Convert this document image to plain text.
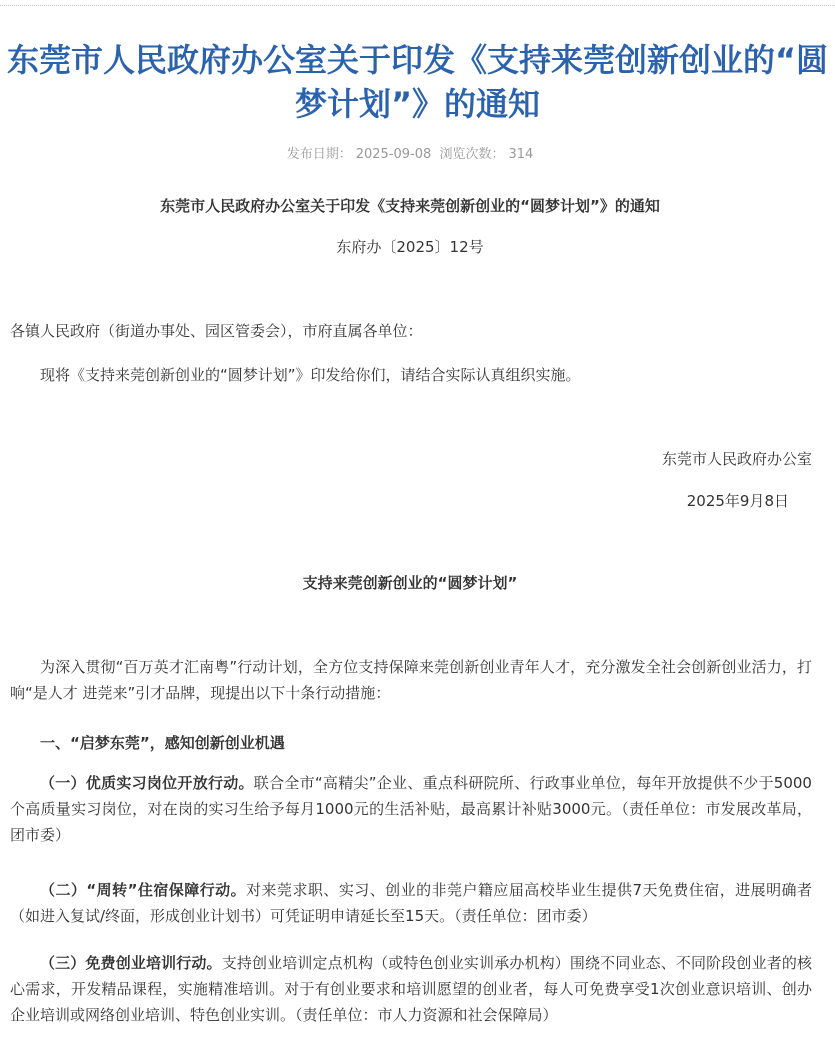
东莞市人民政府办公室关于印发《支持来莞创新创业的“圆梦计划”》的通知
发布日期： 2025-09-08 浏览次数： 314
东莞市人民政府办公室关于印发《支持来莞创新创业的“圆梦计划”》的通知
东府办〔2025〕12号

各镇人民政府（街道办事处、园区管委会），市府直属各单位：

现将《支持来莞创新创业的“圆梦计划”》印发给你们，请结合实际认真组织实施。

东莞市人民政府办公室

2025年9月8日

支持来莞创新创业的“圆梦计划”

为深入贯彻“百万英才汇南粤”行动计划，全方位支持保障来莞创新创业青年人才，充分激发全社会创新创业活力，打响“是人才 进莞来”引才品牌，现提出以下十条行动措施：

一、“启梦东莞”，感知创新创业机遇

（一）优质实习岗位开放行动。联合全市“高精尖”企业、重点科研院所、行政事业单位，每年开放提供不少于5000个高质量实习岗位，对在岗的实习生给予每月1000元的生活补贴，最高累计补贴3000元。（责任单位：市发展改革局，团市委）

（二）“周转”住宿保障行动。对来莞求职、实习、创业的非莞户籍应届高校毕业生提供7天免费住宿，进展明确者（如进入复试/终面，形成创业计划书）可凭证明申请延长至15天。（责任单位：团市委）

（三）免费创业培训行动。支持创业培训定点机构（或特色创业实训承办机构）围绕不同业态、不同阶段创业者的核心需求，开发精品课程，实施精准培训。对于有创业要求和培训愿望的创业者，每人可免费享受1次创业意识培训、创办企业培训或网络创业培训、特色创业实训。（责任单位：市人力资源和社会保障局）
